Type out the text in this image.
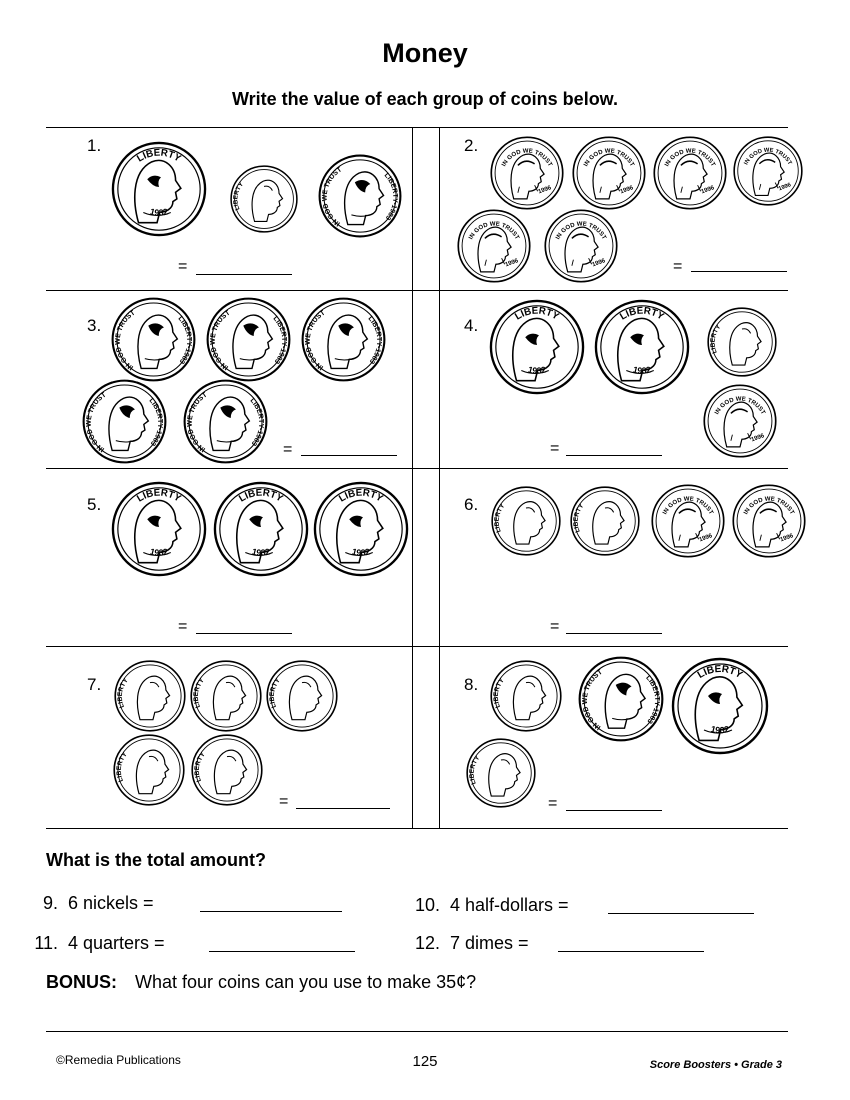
Money
Write the value of each group of coins below.
1.
LIBERTY
1932	LIBERTY
IN GOD WE TRUST
LIBERTY-1983
=
2.
IN GOD WE TRUST
1996
IN GOD WE TRUST
1996
IN GOD WE TRUST
1996
IN GOD WE TRUST
1996
IN GOD WE TRUST
1996
IN GOD WE TRUST
1996	=
3.
IN GOD WE TRUST
LIBERTY-1983
IN GOD WE TRUST
LIBERTY-1983
IN GOD WE TRUST
LIBERTY-1983
IN GOD WE TRUST
LIBERTY-1983
IN GOD WE TRUST
LIBERTY-1983	=
4.	LIBERTY
1932
LIBERTY
1932
LIBERTY
IN GOD WE TRUST
1996
=
5.	LIBERTY
1932
LIBERTY
1932
LIBERTY
1932
=
6.
LIBERTY
LIBERTY
IN GOD WE TRUST
1996
IN GOD WE TRUST
1996
=
7.
LIBERTY
LIBERTY
LIBERTY
LIBERTY
LIBERTY
=
8.
LIBERTY
IN GOD WE TRUST
LIBERTY-1983
LIBERTY
1932
LIBERTY
=
What is the total amount?
9. 6 nickels =	10. 4 half-dollars =
11. 4 quarters =	12. 7 dimes =
BONUS: What four coins can you use to make 35¢?
©Remedia Publications	125	Score Boosters • Grade 3
